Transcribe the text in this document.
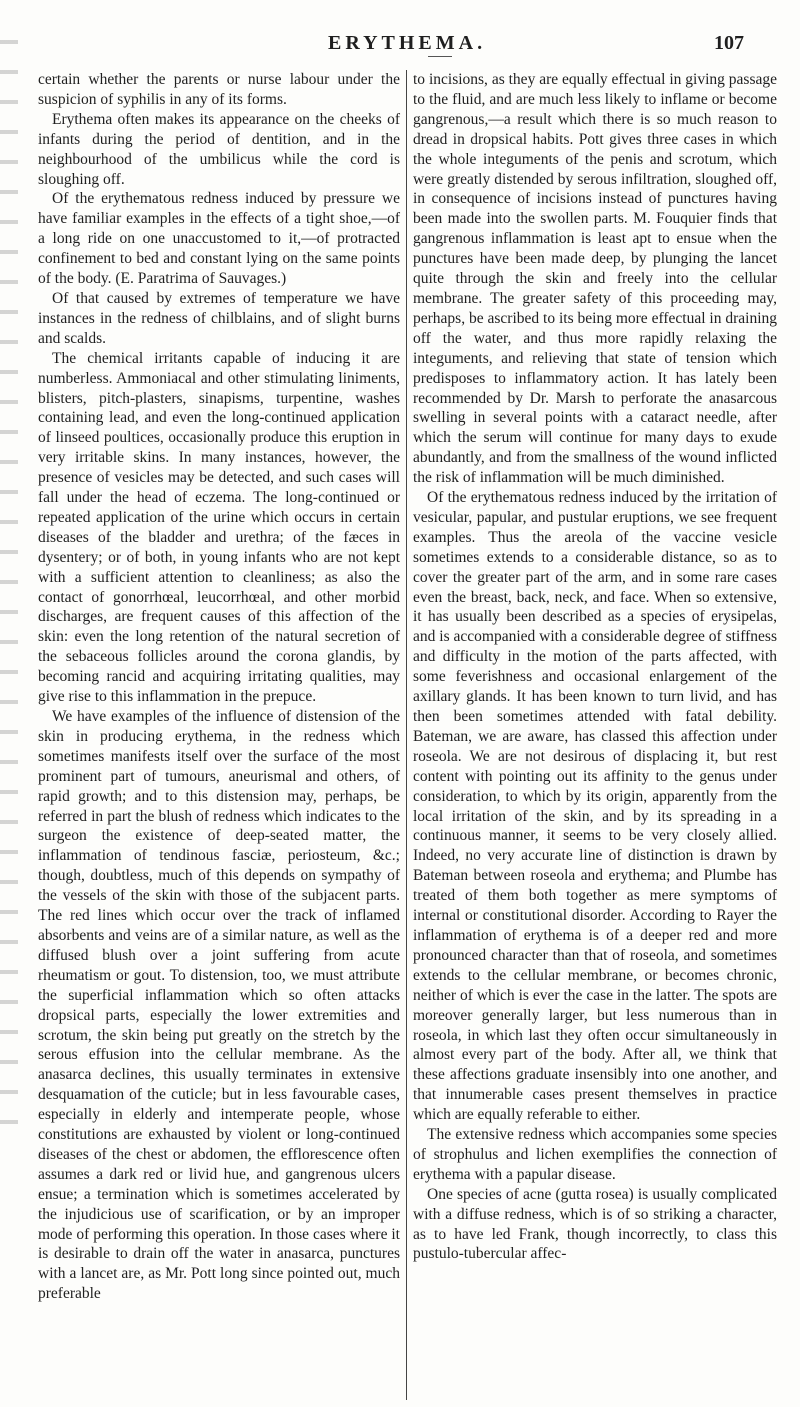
ERYTHEMA.	107

certain whether the parents or nurse labour under the suspicion of syphilis in any of its forms.

Erythema often makes its appearance on the cheeks of infants during the period of dentition, and in the neighbourhood of the umbilicus while the cord is sloughing off.

Of the erythematous redness induced by pressure we have familiar examples in the effects of a tight shoe,—of a long ride on one unaccustomed to it,—of protracted confinement to bed and constant lying on the same points of the body. (E. Paratrima of Sauvages.)

Of that caused by extremes of temperature we have instances in the redness of chilblains, and of slight burns and scalds.

The chemical irritants capable of inducing it are numberless. Ammoniacal and other stimulating liniments, blisters, pitch-plasters, sinapisms, turpentine, washes containing lead, and even the long-continued application of linseed poultices, occasionally produce this eruption in very irritable skins. In many instances, however, the presence of vesicles may be detected, and such cases will fall under the head of eczema. The long-continued or repeated application of the urine which occurs in certain diseases of the bladder and urethra; of the fæces in dysentery; or of both, in young infants who are not kept with a sufficient attention to cleanliness; as also the contact of gonorrhœal, leucorrhœal, and other morbid discharges, are frequent causes of this affection of the skin: even the long retention of the natural secretion of the sebaceous follicles around the corona glandis, by becoming rancid and acquiring irritating qualities, may give rise to this inflammation in the prepuce.

We have examples of the influence of distension of the skin in producing erythema, in the redness which sometimes manifests itself over the surface of the most prominent part of tumours, aneurismal and others, of rapid growth; and to this distension may, perhaps, be referred in part the blush of redness which indicates to the surgeon the existence of deep-seated matter, the inflammation of tendinous fasciæ, periosteum, &c.; though, doubtless, much of this depends on sympathy of the vessels of the skin with those of the subjacent parts. The red lines which occur over the track of inflamed absorbents and veins are of a similar nature, as well as the diffused blush over a joint suffering from acute rheumatism or gout. To distension, too, we must attribute the superficial inflammation which so often attacks dropsical parts, especially the lower extremities and scrotum, the skin being put greatly on the stretch by the serous effusion into the cellular membrane. As the anasarca declines, this usually terminates in extensive desquamation of the cuticle; but in less favourable cases, especially in elderly and intemperate people, whose constitutions are exhausted by violent or long-continued diseases of the chest or abdomen, the efflorescence often assumes a dark red or livid hue, and gangrenous ulcers ensue; a termination which is sometimes accelerated by the injudicious use of scarification, or by an improper mode of performing this operation. In those cases where it is desirable to drain off the water in anasarca, punctures with a lancet are, as Mr. Pott long since pointed out, much preferable

to incisions, as they are equally effectual in giving passage to the fluid, and are much less likely to inflame or become gangrenous,—a result which there is so much reason to dread in dropsical habits. Pott gives three cases in which the whole integuments of the penis and scrotum, which were greatly distended by serous infiltration, sloughed off, in consequence of incisions instead of punctures having been made into the swollen parts. M. Fouquier finds that gangrenous inflammation is least apt to ensue when the punctures have been made deep, by plunging the lancet quite through the skin and freely into the cellular membrane. The greater safety of this proceeding may, perhaps, be ascribed to its being more effectual in draining off the water, and thus more rapidly relaxing the integuments, and relieving that state of tension which predisposes to inflammatory action. It has lately been recommended by Dr. Marsh to perforate the anasarcous swelling in several points with a cataract needle, after which the serum will continue for many days to exude abundantly, and from the smallness of the wound inflicted the risk of inflammation will be much diminished.

Of the erythematous redness induced by the irritation of vesicular, papular, and pustular eruptions, we see frequent examples. Thus the areola of the vaccine vesicle sometimes extends to a considerable distance, so as to cover the greater part of the arm, and in some rare cases even the breast, back, neck, and face. When so extensive, it has usually been described as a species of erysipelas, and is accompanied with a considerable degree of stiffness and difficulty in the motion of the parts affected, with some feverishness and occasional enlargement of the axillary glands. It has been known to turn livid, and has then been sometimes attended with fatal debility. Bateman, we are aware, has classed this affection under roseola. We are not desirous of displacing it, but rest content with pointing out its affinity to the genus under consideration, to which by its origin, apparently from the local irritation of the skin, and by its spreading in a continuous manner, it seems to be very closely allied. Indeed, no very accurate line of distinction is drawn by Bateman between roseola and erythema; and Plumbe has treated of them both together as mere symptoms of internal or constitutional disorder. According to Rayer the inflammation of erythema is of a deeper red and more pronounced character than that of roseola, and sometimes extends to the cellular membrane, or becomes chronic, neither of which is ever the case in the latter. The spots are moreover generally larger, but less numerous than in roseola, in which last they often occur simultaneously in almost every part of the body. After all, we think that these affections graduate insensibly into one another, and that innumerable cases present themselves in practice which are equally referable to either.

The extensive redness which accompanies some species of strophulus and lichen exemplifies the connection of erythema with a papular disease.

One species of acne (gutta rosea) is usually complicated with a diffuse redness, which is of so striking a character, as to have led Frank, though incorrectly, to class this pustulo-tubercular affec-
